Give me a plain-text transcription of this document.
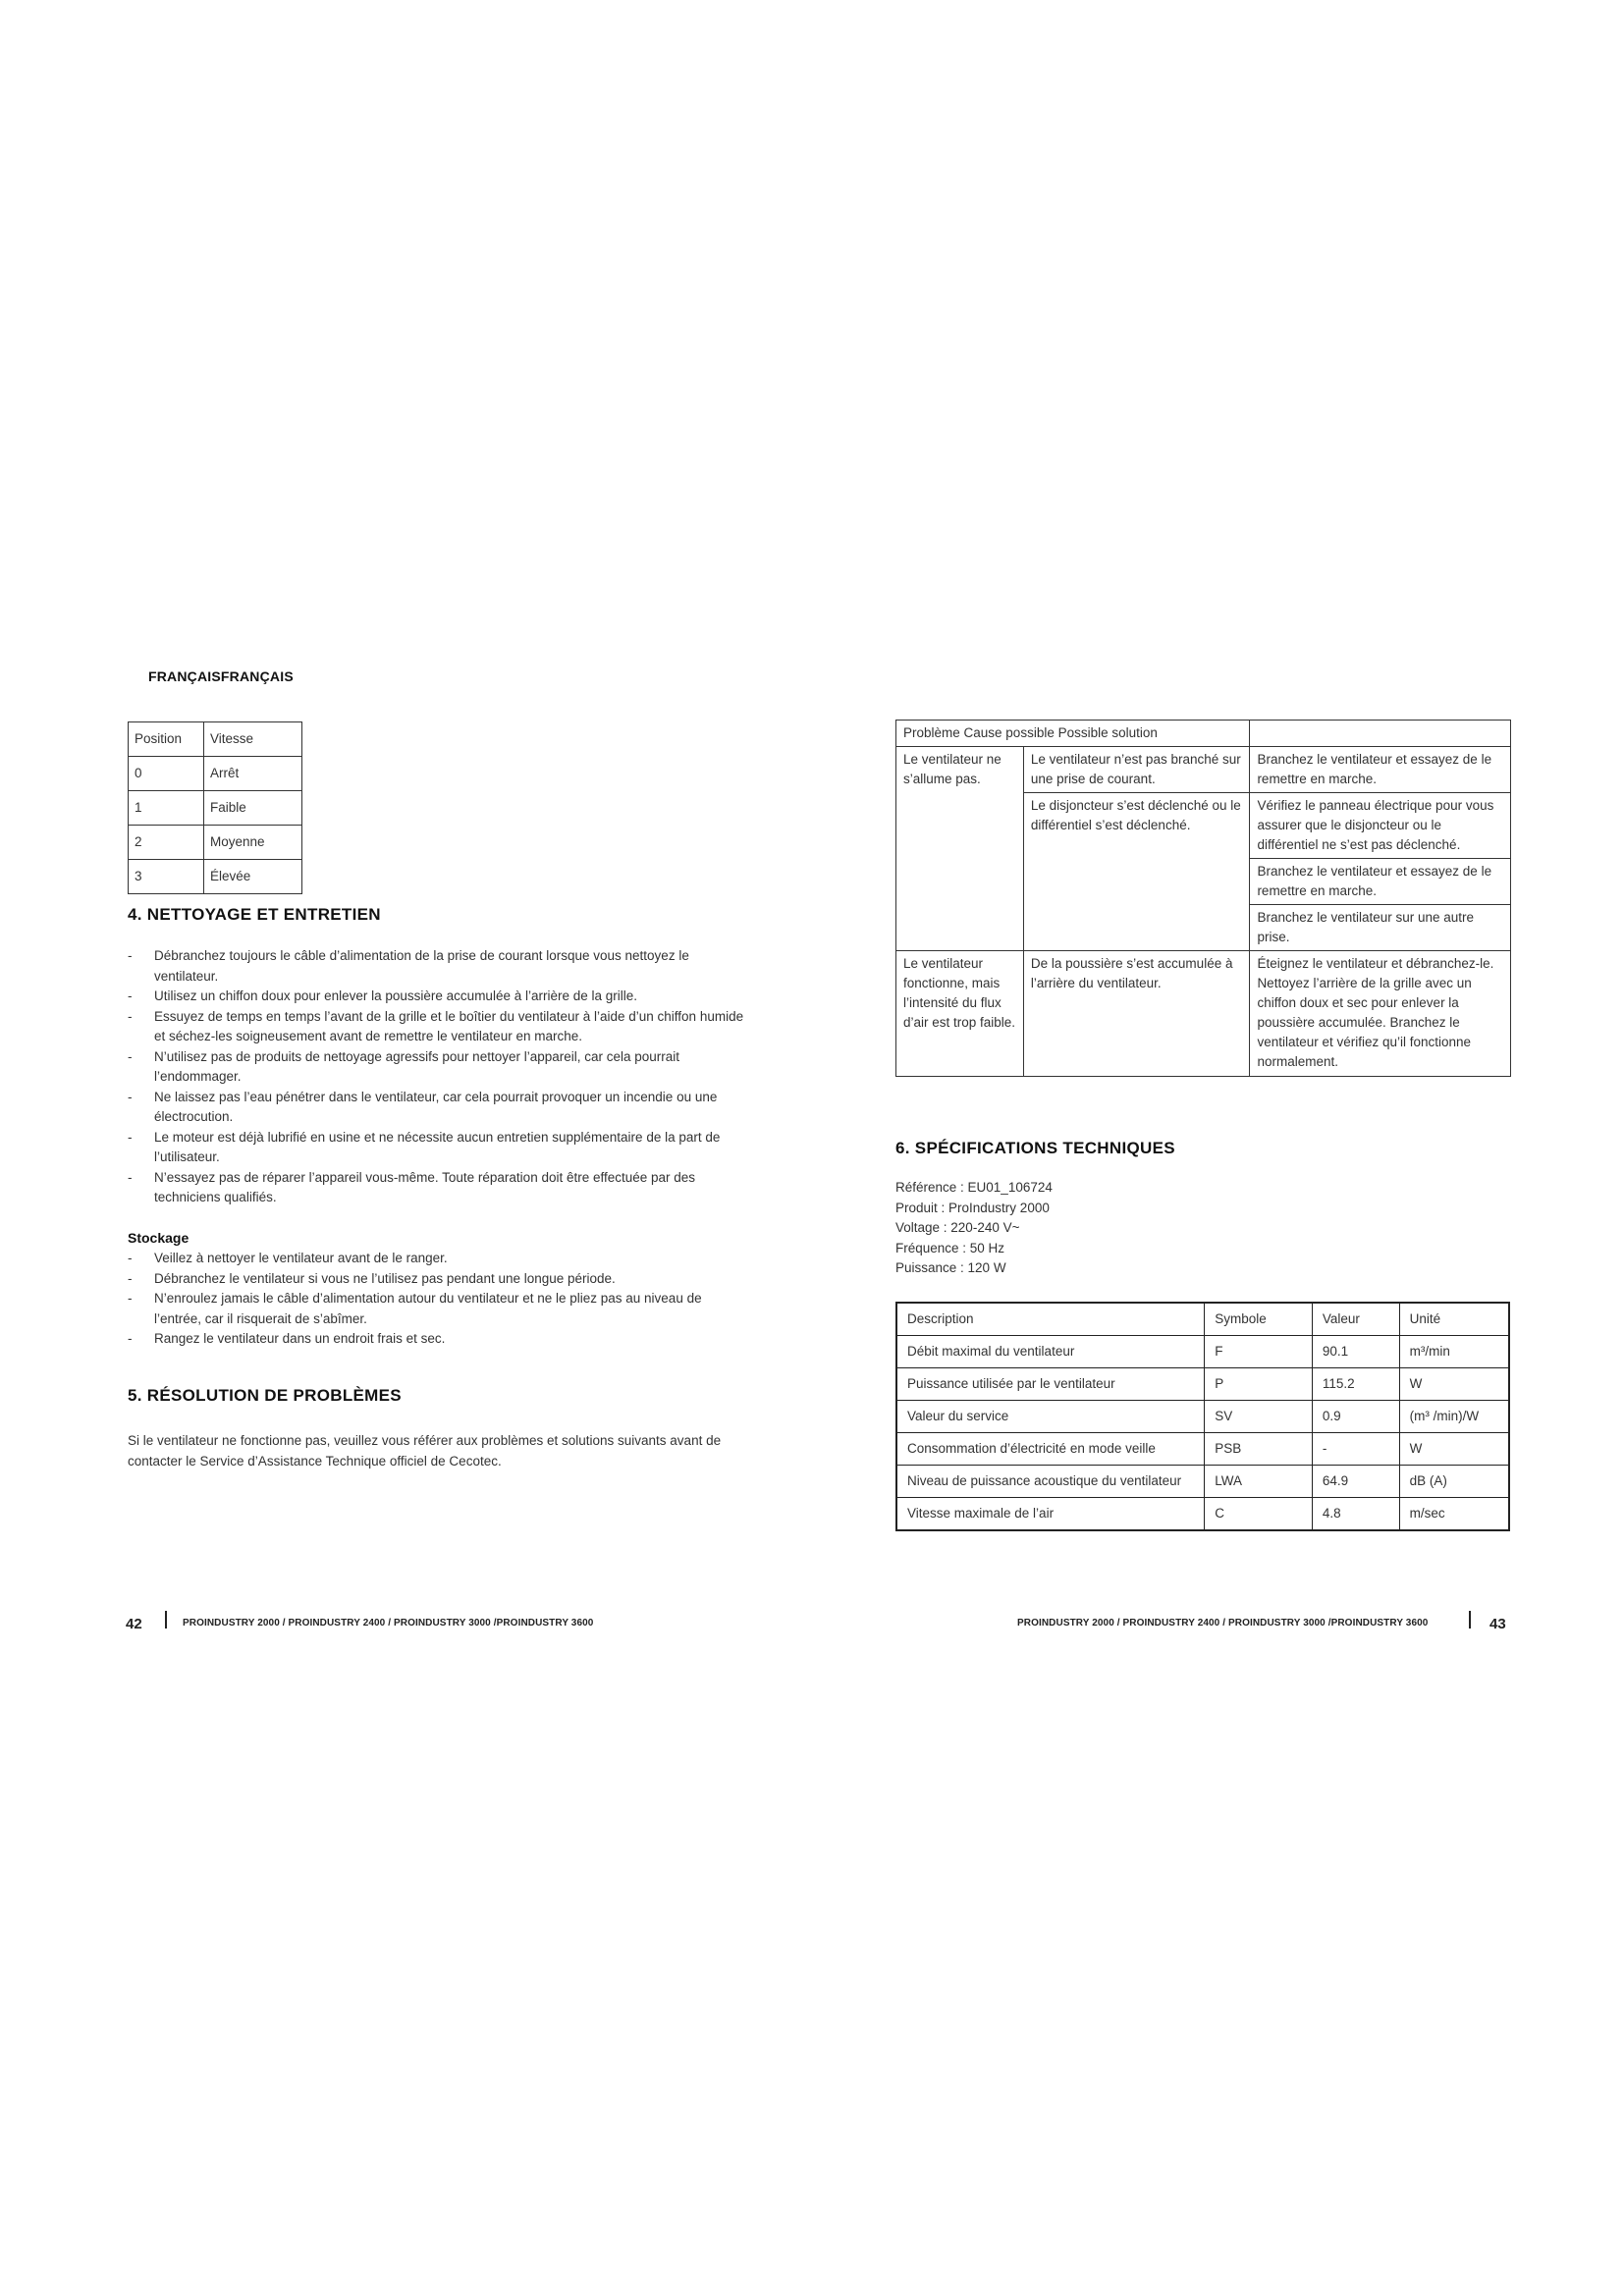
FRANÇAISFRANÇAIS
Position	Vitesse
0	Arrêt
1	Faible
2	Moyenne
3	Élevée
4. NETTOYAGE ET ENTRETIEN
- Débranchez toujours le câble d’alimentation de la prise de courant lorsque vous nettoyez le ventilateur.
- Utilisez un chiffon doux pour enlever la poussière accumulée à l’arrière de la grille.
- Essuyez de temps en temps l’avant de la grille et le boîtier du ventilateur à l’aide d’un chiffon humide et séchez-les soigneusement avant de remettre le ventilateur en marche.
- N’utilisez pas de produits de nettoyage agressifs pour nettoyer l’appareil, car cela pourrait l’endommager.
- Ne laissez pas l’eau pénétrer dans le ventilateur, car cela pourrait provoquer un incendie ou une électrocution.
- Le moteur est déjà lubrifié en usine et ne nécessite aucun entretien supplémentaire de la part de l’utilisateur.
- N’essayez pas de réparer l’appareil vous-même. Toute réparation doit être effectuée par des techniciens qualifiés.
Stockage
- Veillez à nettoyer le ventilateur avant de le ranger.
- Débranchez le ventilateur si vous ne l’utilisez pas pendant une longue période.
- N’enroulez jamais le câble d’alimentation autour du ventilateur et ne le pliez pas au niveau de l’entrée, car il risquerait de s’abîmer.
- Rangez le ventilateur dans un endroit frais et sec.
5. RÉSOLUTION DE PROBLÈMES
Si le ventilateur ne fonctionne pas, veuillez vous référer aux problèmes et solutions suivants avant de contacter le Service d’Assistance Technique officiel de Cecotec.
Problème Cause possible Possible solution		
Le ventilateur ne s’allume pas.	Le ventilateur n’est pas branché sur une prise de courant.	Branchez le ventilateur et essayez de le remettre en marche.
	Le disjoncteur s’est déclenché ou le différentiel s’est déclenché.	Vérifiez le panneau électrique pour vous assurer que le disjoncteur ou le différentiel ne s’est pas déclenché.
		Branchez le ventilateur et essayez de le remettre en marche.
		Branchez le ventilateur sur une autre prise.
Le ventilateur fonctionne, mais l’intensité du flux d’air est trop faible.	De la poussière s’est accumulée à l’arrière du ventilateur.	Éteignez le ventilateur et débranchez-le. Nettoyez l’arrière de la grille avec un chiffon doux et sec pour enlever la poussière accumulée. Branchez le ventilateur et vérifiez qu’il fonctionne normalement.
6. SPÉCIFICATIONS TECHNIQUES
Référence : EU01_106724
Produit : ProIndustry 2000
Voltage : 220-240 V~
Fréquence : 50 Hz
Puissance : 120 W
Description	Symbole	Valeur	Unité
Débit maximal du ventilateur	F	90.1	m³/min
Puissance utilisée par le ventilateur	P	115.2	W
Valeur du service	SV	0.9	(m³ /min)/W
Consommation d’électricité en mode veille	PSB	-	W
Niveau de puissance acoustique du ventilateur	LWA	64.9	dB (A)
Vitesse maximale de l’air	C	4.8	m/sec
42	PROINDUSTRY 2000 / PROINDUSTRY 2400 / PROINDUSTRY 3000 /PROINDUSTRY 3600	PROINDUSTRY 2000 / PROINDUSTRY 2400 / PROINDUSTRY 3000 /PROINDUSTRY 3600	43
